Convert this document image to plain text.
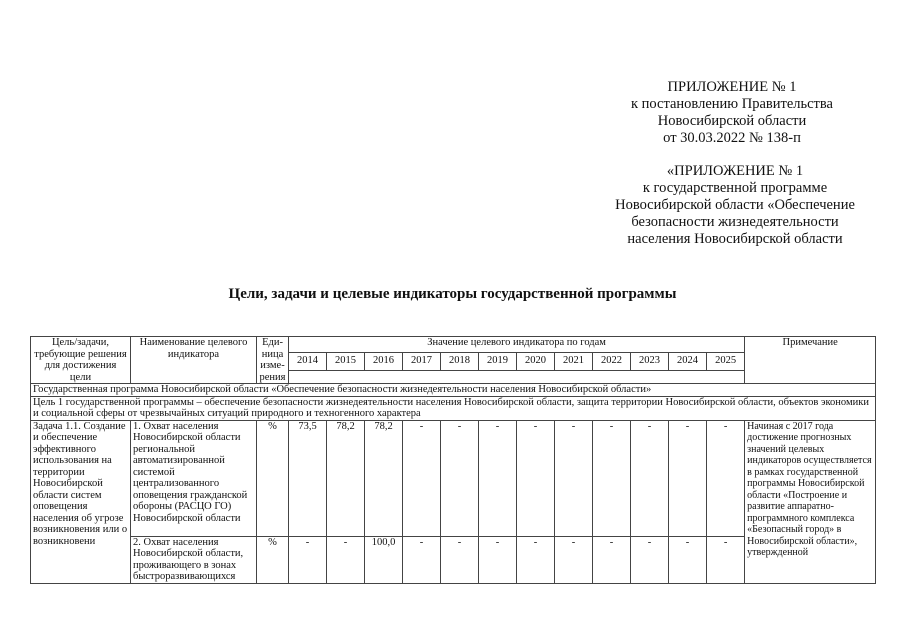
ПРИЛОЖЕНИЕ № 1
к постановлению Правительства
Новосибирской области
от 30.03.2022 № 138-п
«ПРИЛОЖЕНИЕ № 1
к государственной программе
Новосибирской области «Обеспечение
безопасности жизнедеятельности
населения Новосибирской области
Цели, задачи и целевые индикаторы государственной программы
Цель/задачи, требующие решения для достижения цели	Наименование целевого индикатора	Еди-ница изме-рения	Значение целевого индикатора по годам												Примечание
			2014	2015	2016	2017	2018	2019	2020	2021	2022	2023	2024	2025	

Государственная программа Новосибирской области «Обеспечение безопасности жизнедеятельности населения Новосибирской области»															
Цель 1 государственной программы – обеспечение безопасности жизнедеятельности населения Новосибирской области, защита территории Новосибирской области, объектов экономики и социальной сферы от чрезвычайных ситуаций природного и техногенного характера															
Задача 1.1. Создание и обеспечение эффективного использования на территории Новосибирской области систем оповещения населения об угрозе возникновения или о возникновени	1. Охват населения Новосибирской области региональной автоматизированной системой централизованного оповещения гражданской обороны (РАСЦО ГО) Новосибирской области	%	73,5	78,2	78,2	-	-	-	-	-	-	-	-	-	Начиная с 2017 года достижение прогнозных значений целевых индикаторов осуществляется в рамках государственной программы Новосибирской области «Построение и развитие аппаратно-программного комплекса «Безопасный город» в Новосибирской области», утвержденной
	2. Охват населения Новосибирской области, проживающего в зонах быстроразвивающихся	%	-	-	100,0	-	-	-	-	-	-	-	-	-	
